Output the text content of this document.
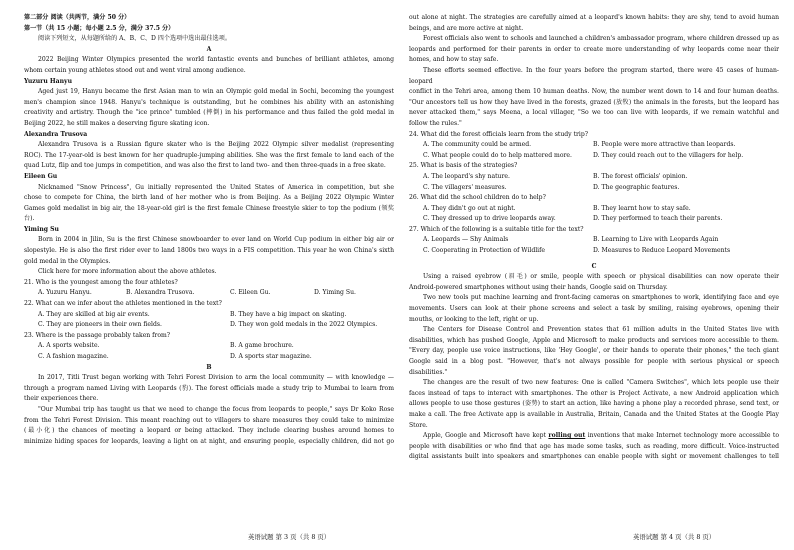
第二部分 阅读（共两节，满分 50 分）
第一节（共 15 小题；每小题 2.5 分，满分 37.5 分）
阅读下列短文，从每题所给的 A、B、C、D 四个选项中选出最佳选项。
A
2022 Beijing Winter Olympics presented the world fantastic events and bunches of brilliant athletes, among
whom certain young athletes stood out and went viral among audience.
Yuzuru Hanyu
Aged just 19, Hanyu became the first Asian man to win an Olympic gold medal in Sochi, becoming the youngest
men's champion since 1948. Hanyu's technique is outstanding, but he combines his ability with an astonishing
creativity and artistry. Though the "ice prince" tumbled (摔倒) in his performance and thus failed the gold medal in
Beijing 2022, he still makes a deserving figure skating icon.
Alexandra Trusova
Alexandra Trusova is a Russian figure skater who is the Beijing 2022 Olympic silver medalist (representing
ROC). The 17-year-old is best known for her quadruple-jumping abilities. She was the first female to land each of the
quad Lutz, flip and toe jumps in competition, and was also the first to land two- and then three-quads in a free skate.
Eileen Gu
Nicknamed "Snow Princess", Gu initially represented the United States of America in competition, but she
chose to compete for China, the birth land of her mother who is from Beijing. As a Beijing 2022 Olympic Winter
Games gold medalist in big air, the 18-year-old girl is the first female Chinese freestyle skier to top the podium (领奖
台).
Yiming Su
Born in 2004 in Jilin, Su is the first Chinese snowboarder to ever land on World Cup podium in either big air or
slopestyle. He is also the first rider ever to land 1800s two ways in a FIS competition. This year he won China's sixth
gold medal in the Olympics.
Click here for more information about the above athletes.
21. Who is the youngest among the four athletes?
A. Yuzuru Hanyu.	B. Alexandra Trusova.	C. Eileen Gu.	D. Yiming Su.
22. What can we infer about the athletes mentioned in the text?
A. They are skilled at big air events.	B. They have a big impact on skating.
C. They are pioneers in their own fields.	D. They won gold medals in the 2022 Olympics.
23. Where is the passage probably taken from?
A. A sports website.	B. A game brochure.
C. A fashion magazine.	D. A sports star magazine.
B
In 2017, Titli Trust began working with Tehri Forest Division to arm the local community — with knowledge —
through a program named Living with Leopards (豹). The forest officials made a study trip to Mumbai to learn from
their experiences there.
"Our Mumbai trip has taught us that we need to change the focus from leopards to people," says Dr Koko Rose
from the Tehri Forest Division. This meant reaching out to villagers to share measures they could take to minimize
(最小化) the chances of meeting a leopard or being attacked. They include clearing bushes around homes to
minimize hiding spaces for leopards, leaving a light on at night, and ensuring people, especially children, did not go
out alone at night. The strategies are carefully aimed at a leopard's known habits: they are shy, tend to avoid human
beings, and are more active at night.
Forest officials also went to schools and launched a children's ambassador program, where children dressed up as
leopards and performed for their parents in order to create more understanding of why leopards come near their
homes, and how to stay safe.
These efforts seemed effective. In the four years before the program started, there were 45 cases of human-leopard
conflict in the Tehri area, among them 10 human deaths. Now, the number went down to 14 and four human deaths.
"Our ancestors tell us how they have lived in the forests, grazed (放牧) the animals in the forests, but the leopard has
never attacked them," says Meena, a local villager, "So we too can live with leopards, if we remain watchful and
follow the rules."
24. What did the forest officials learn from the study trip?
A. The community could be armed.	B. People were more attractive than leopards.
C. What people could do to help mattered more.	D. They could reach out to the villagers for help.
25. What is basis of the strategies?
A. The leopard's shy nature.	B. The forest officials' opinion.
C. The villagers' measures.	D. The geographic features.
26. What did the school children do to help?
A. They didn't go out at night.	B. They learnt how to stay safe.
C. They dressed up to drive leopards away.	D. They performed to teach their parents.
27. Which of the following is a suitable title for the text?
A. Leopards — Shy Animals	B. Learning to Live with Leopards Again
C. Cooperating in Protection of Wildlife	D. Measures to Reduce Leopard Movements
C
Using a raised eyebrow (眉毛) or smile, people with speech or physical disabilities can now operate their
Android-powered smartphones without using their hands, Google said on Thursday.
Two new tools put machine learning and front-facing cameras on smartphones to work, identifying face and eye
movements. Users can look at their phone screens and select a task by smiling, raising eyebrows, opening their
mouths, or looking to the left, right or up.
The Centers for Disease Control and Prevention states that 61 million adults in the United States live with
disabilities, which has pushed Google, Apple and Microsoft to make products and services more accessible to them.
"Every day, people use voice instructions, like 'Hey Google', or their hands to operate their phones," the tech giant
Google said in a blog post. "However, that's not always possible for people with serious physical or speech
disabilities."
The changes are the result of two new features: One is called "Camera Switches", which lets people use their
faces instead of taps to interact with smartphones. The other is Project Activate, a new Android application which
allows people to use those gestures (姿势) to start an action, like having a phone play a recorded phrase, send text, or
make a call. The free Activate app is available in Australia, Britain, Canada and the United States at the Google Play
Store.
Apple, Google and Microsoft have kept rolling out inventions that make Internet technology more accessible to
people with disabilities or who find that age has made some tasks, such as reading, more difficult. Voice-instructed
digital assistants built into speakers and smartphones can enable people with sight or movement challenges to tell
英语试题 第 3 页（共 8 页）	英语试题 第 4 页（共 8 页）
